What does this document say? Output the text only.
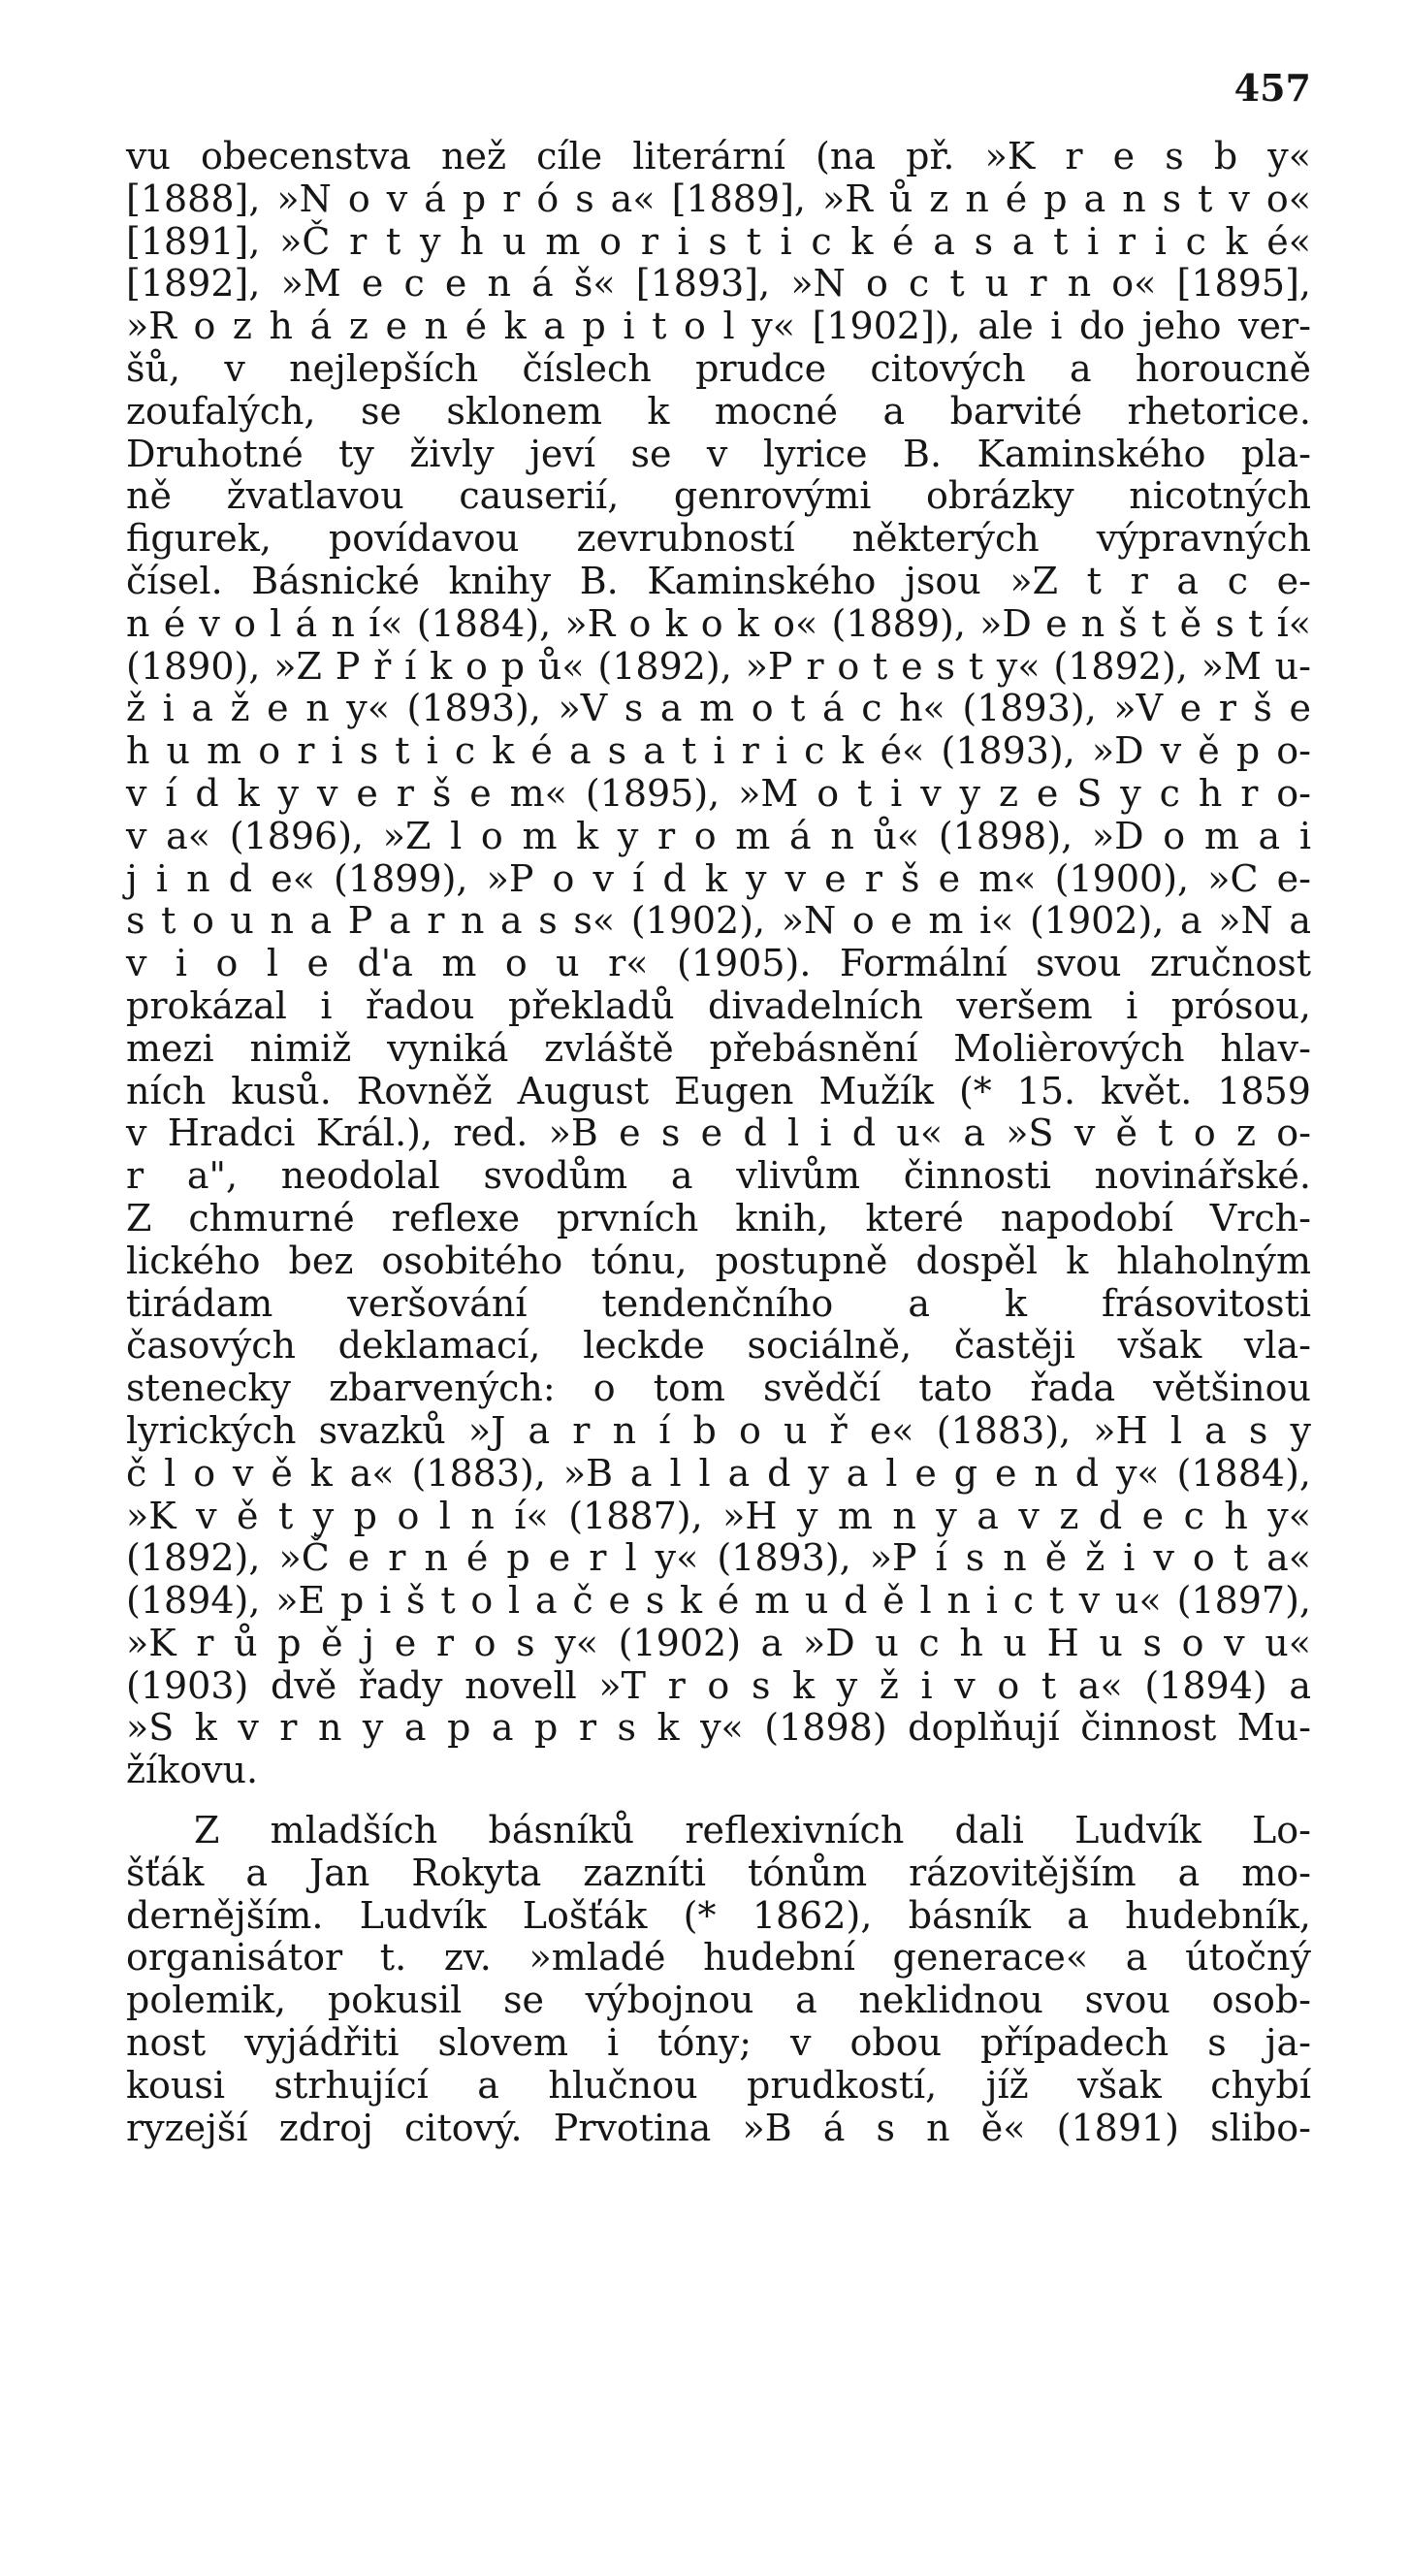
457
vu obecenstva než cíle literární (na př. »K r e s b y«
[1888], »N o v á p r ó s a« [1889], »R ů z n é p a n s t v o«
[1891], »Č r t y h u m o r i s t i c k é a s a t i r i c k é«
[1892], »M e c e n á š« [1893], »N o c t u r n o« [1895],
»R o z h á z e n é k a p i t o l y« [1902]), ale i do jeho ver-
šů, v nejlepších číslech prudce citových a horoucně
zoufalých, se sklonem k mocné a barvité rhetorice.
Druhotné ty živly jeví se v lyrice B. Kaminského pla-
ně žvatlavou causerií, genrovými obrázky nicotných
figurek, povídavou zevrubností některých výpravných
čísel. Básnické knihy B. Kaminského jsou »Z t r a c e-
n é v o l á n í« (1884), »R o k o k o« (1889), »D e n š t ě s t í«
(1890), »Z P ř í k o p ů« (1892), »P r o t e s t y« (1892), »M u-
ž i a ž e n y« (1893), »V s a m o t á c h« (1893), »V e r š e
h u m o r i s t i c k é a s a t i r i c k é« (1893), »D v ě p o-
v í d k y v e r š e m« (1895), »M o t i v y z e S y c h r o-
v a« (1896), »Z l o m k y r o m á n ů« (1898), »D o m a i
j i n d e« (1899), »P o v í d k y v e r š e m« (1900), »C e-
s t o u n a P a r n a s s« (1902), »N o e m i« (1902), a »N a
v i o l e d'a m o u r« (1905). Formální svou zručnost
prokázal i řadou překladů divadelních veršem i prósou,
mezi nimiž vyniká zvláště přebásnění Molièrových hlav-
ních kusů. Rovněž August Eugen Mužík (* 15. květ. 1859
v Hradci Král.), red. »B e s e d l i d u« a »S v ě t o z o-
r a", neodolal svodům a vlivům činnosti novinářské.
Z chmurné reflexe prvních knih, které napodobí Vrch-
lického bez osobitého tónu, postupně dospěl k hlaholným
tirádam veršování tendenčního a k frásovitosti
časových deklamací, leckde sociálně, častěji však vla-
stenecky zbarvených: o tom svědčí tato řada většinou
lyrických svazků »J a r n í b o u ř e« (1883), »H l a s y
č l o v ě k a« (1883), »B a l l a d y a l e g e n d y« (1884),
»K v ě t y p o l n í« (1887), »H y m n y a v z d e c h y«
(1892), »Č e r n é p e r l y« (1893), »P í s n ě ž i v o t a«
(1894), »E p i š t o l a č e s k é m u d ě l n i c t v u« (1897),
»K r ů p ě j e r o s y« (1902) a »D u c h u H u s o v u«
(1903) dvě řady novell »T r o s k y ž i v o t a« (1894) a
»S k v r n y a p a p r s k y« (1898) doplňují činnost Mu-
žíkovu.
Z mladších básníků reflexivních dali Ludvík Lo-
šťák a Jan Rokyta zazníti tónům rázovitějším a mo-
dernějším. Ludvík Lošťák (* 1862), básník a hudebník,
organisátor t. zv. »mladé hudební generace« a útočný
polemik, pokusil se výbojnou a neklidnou svou osob-
nost vyjádřiti slovem i tóny; v obou případech s ja-
kousi strhující a hlučnou prudkostí, jíž však chybí
ryzejší zdroj citový. Prvotina »B á s n ě« (1891) slibo-
